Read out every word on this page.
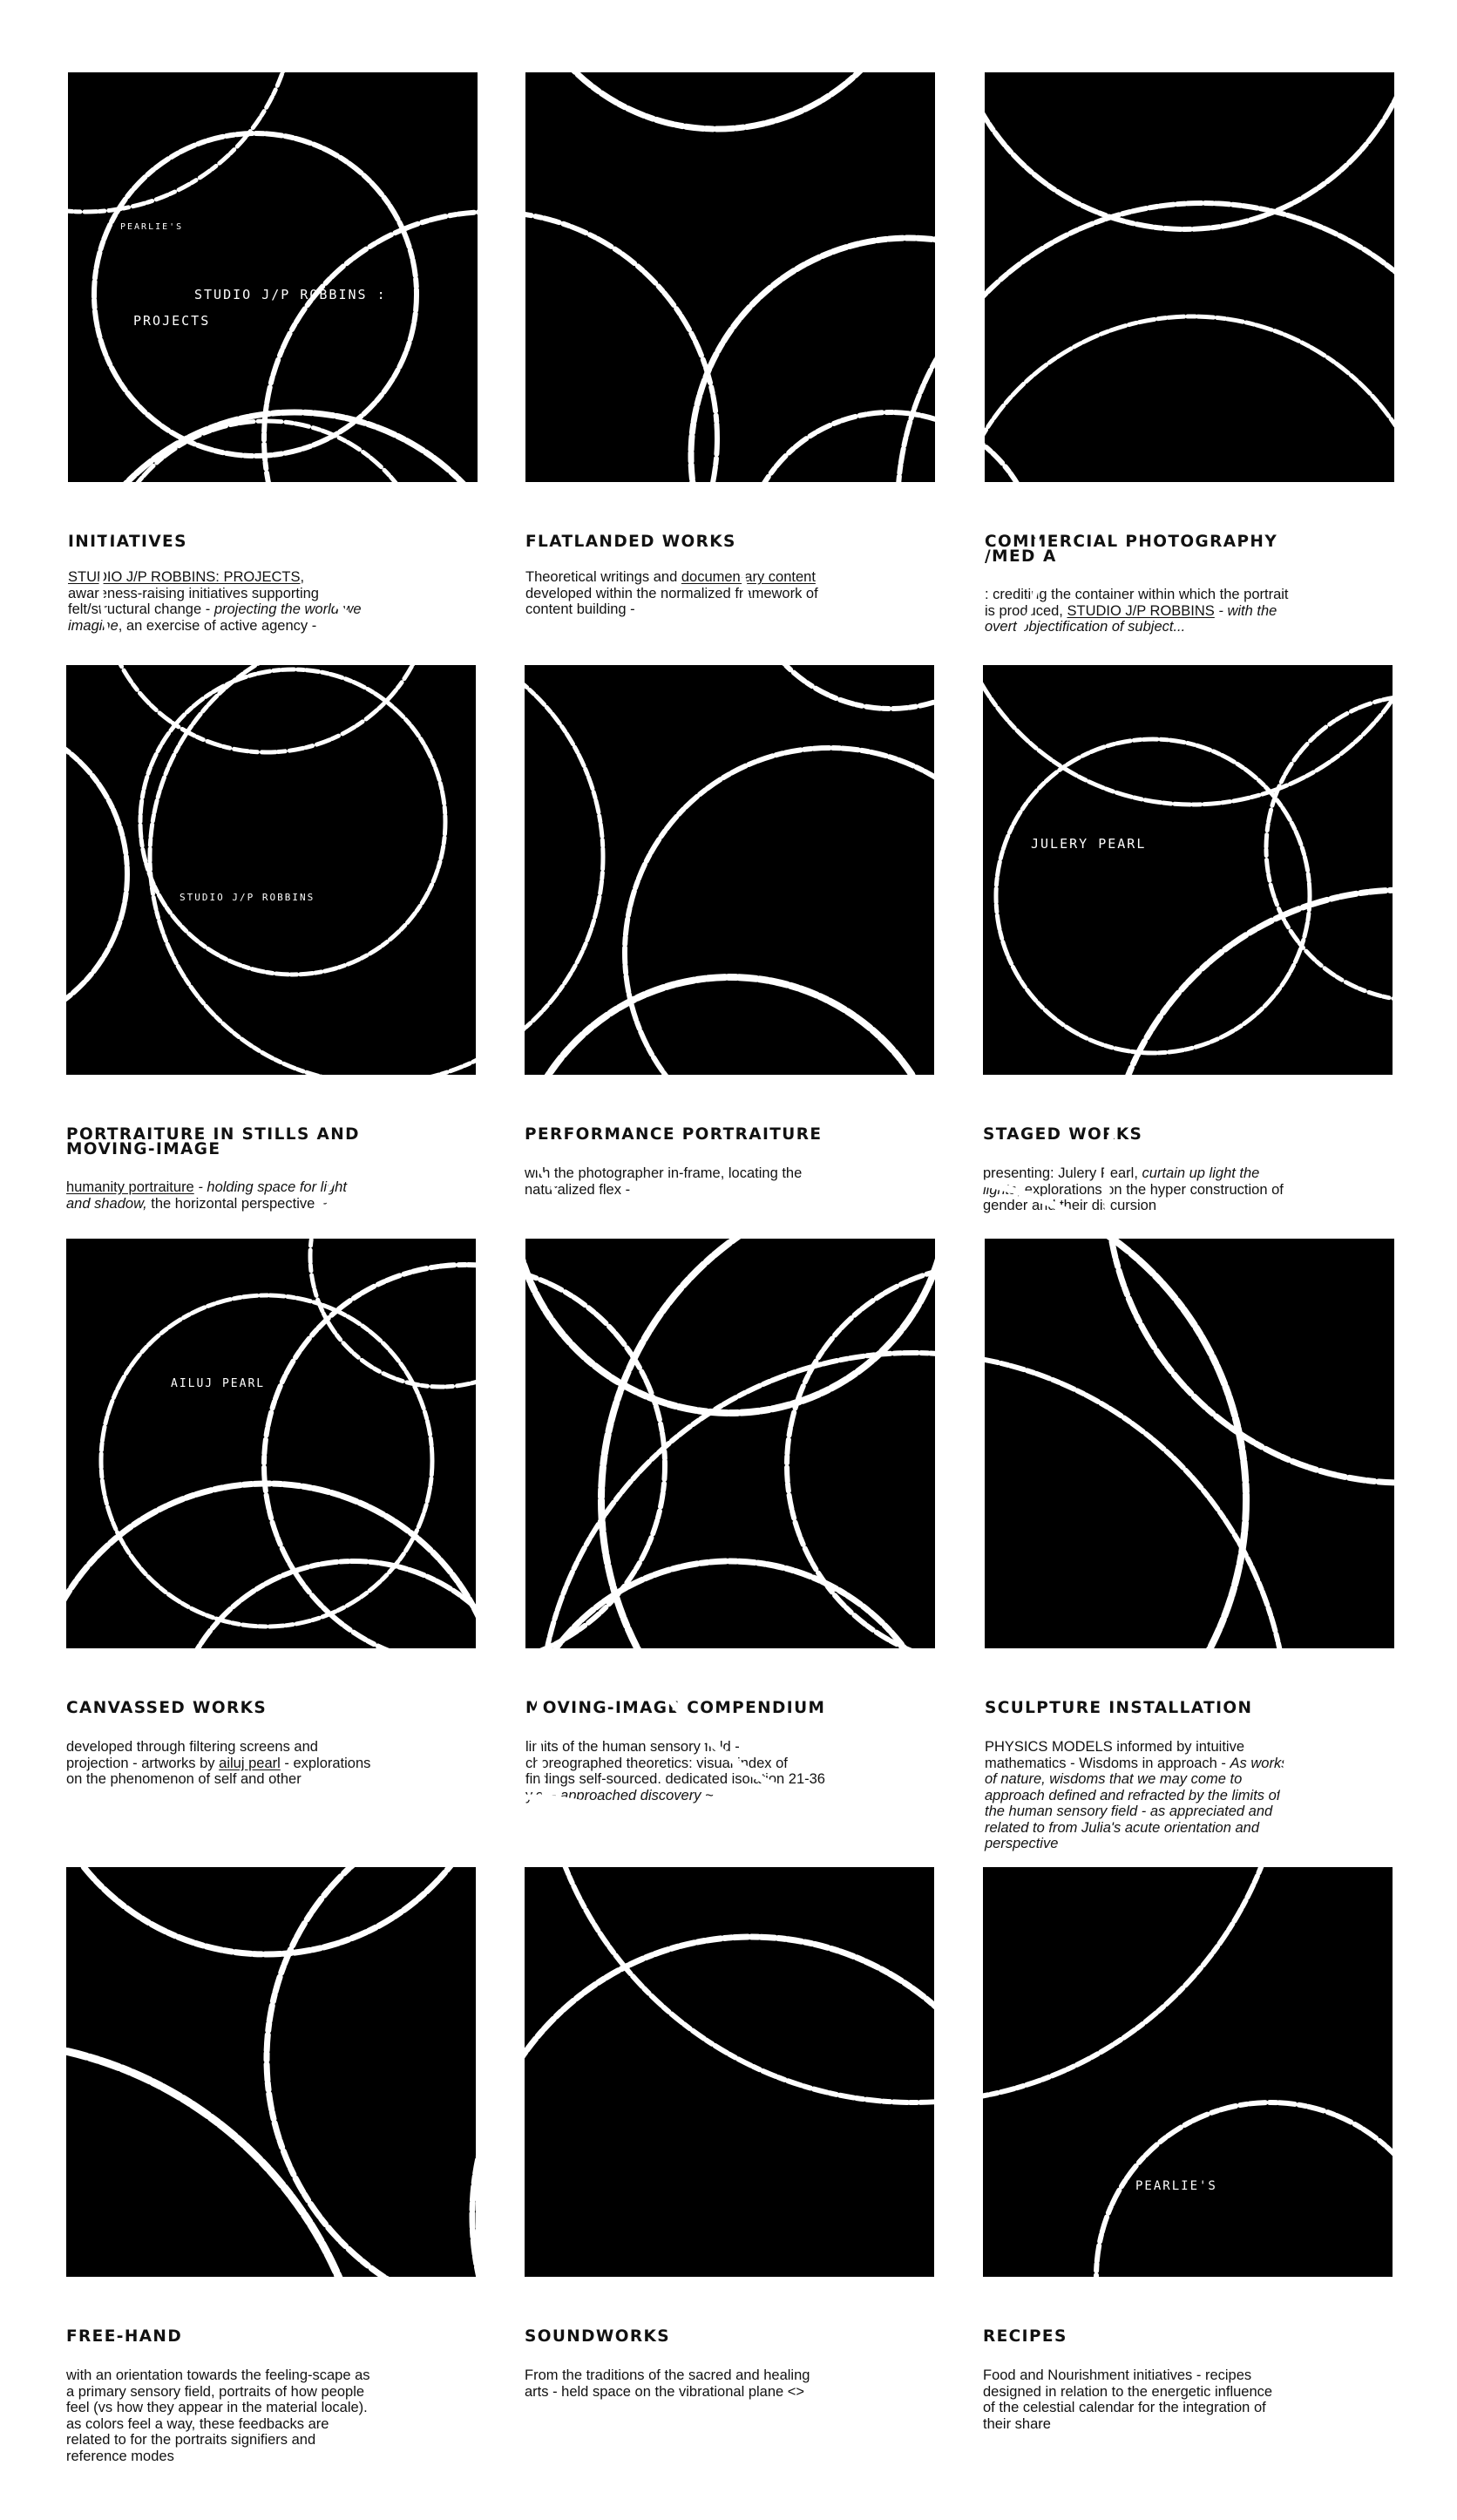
PEARLIE'S
STUDIO J/P ROBBINS :
PROJECTS
INITIATIVES
STUDIO J/P ROBBINS: PROJECTS, awareness-raising initiatives supporting felt/structural change - projecting the world we imagine, an exercise of active agency -
FLATLANDED WORKS
Theoretical writings and documentary content developed within the normalized framework of content building -
COMMERCIAL PHOTOGRAPHY /MEDIA
: crediting the container within which the portrait is produced, STUDIO J/P ROBBINS - with the overt objectification of subject...
STUDIO J/P ROBBINS
PORTRAITURE IN STILLS AND MOVING-IMAGE
humanity portraiture - holding space for light and shadow, the horizontal perspective ~
PERFORMANCE PORTRAITURE
with the photographer in-frame, locating the naturalized flex -
JULERY PEARL
STAGED WORKS
presenting: Julery Pearl, curtain up light the lights, explorations on the hyper construction of gender and their discursion
AILUJ PEARL
CANVASSED WORKS
developed through filtering screens and projection - artworks by ailuj pearl - explorations on the phenomenon of self and other
MOVING-IMAGE COMPENDIUM
limits of the human sensory field - choreographed theoretics: visual index of findings self-sourced. dedicated isolation 21-36 y.o. - approached discovery ~
SCULPTURE INSTALLATION
PHYSICS MODELS informed by intuitive mathematics - Wisdoms in approach - As works of nature, wisdoms that we may come to approach defined and refracted by the limits of the human sensory field - as appreciated and related to from Julia's acute orientation and perspective
FREE-HAND
with an orientation towards the feeling-scape as a primary sensory field, portraits of how people feel (vs how they appear in the material locale). as colors feel a way, these feedbacks are related to for the portraits signifiers and reference modes
SOUNDWORKS
From the traditions of the sacred and healing arts - held space on the vibrational plane <>
PEARLIE'S
RECIPES
Food and Nourishment initiatives - recipes designed in relation to the energetic influence of the celestial calendar for the integration of their share
